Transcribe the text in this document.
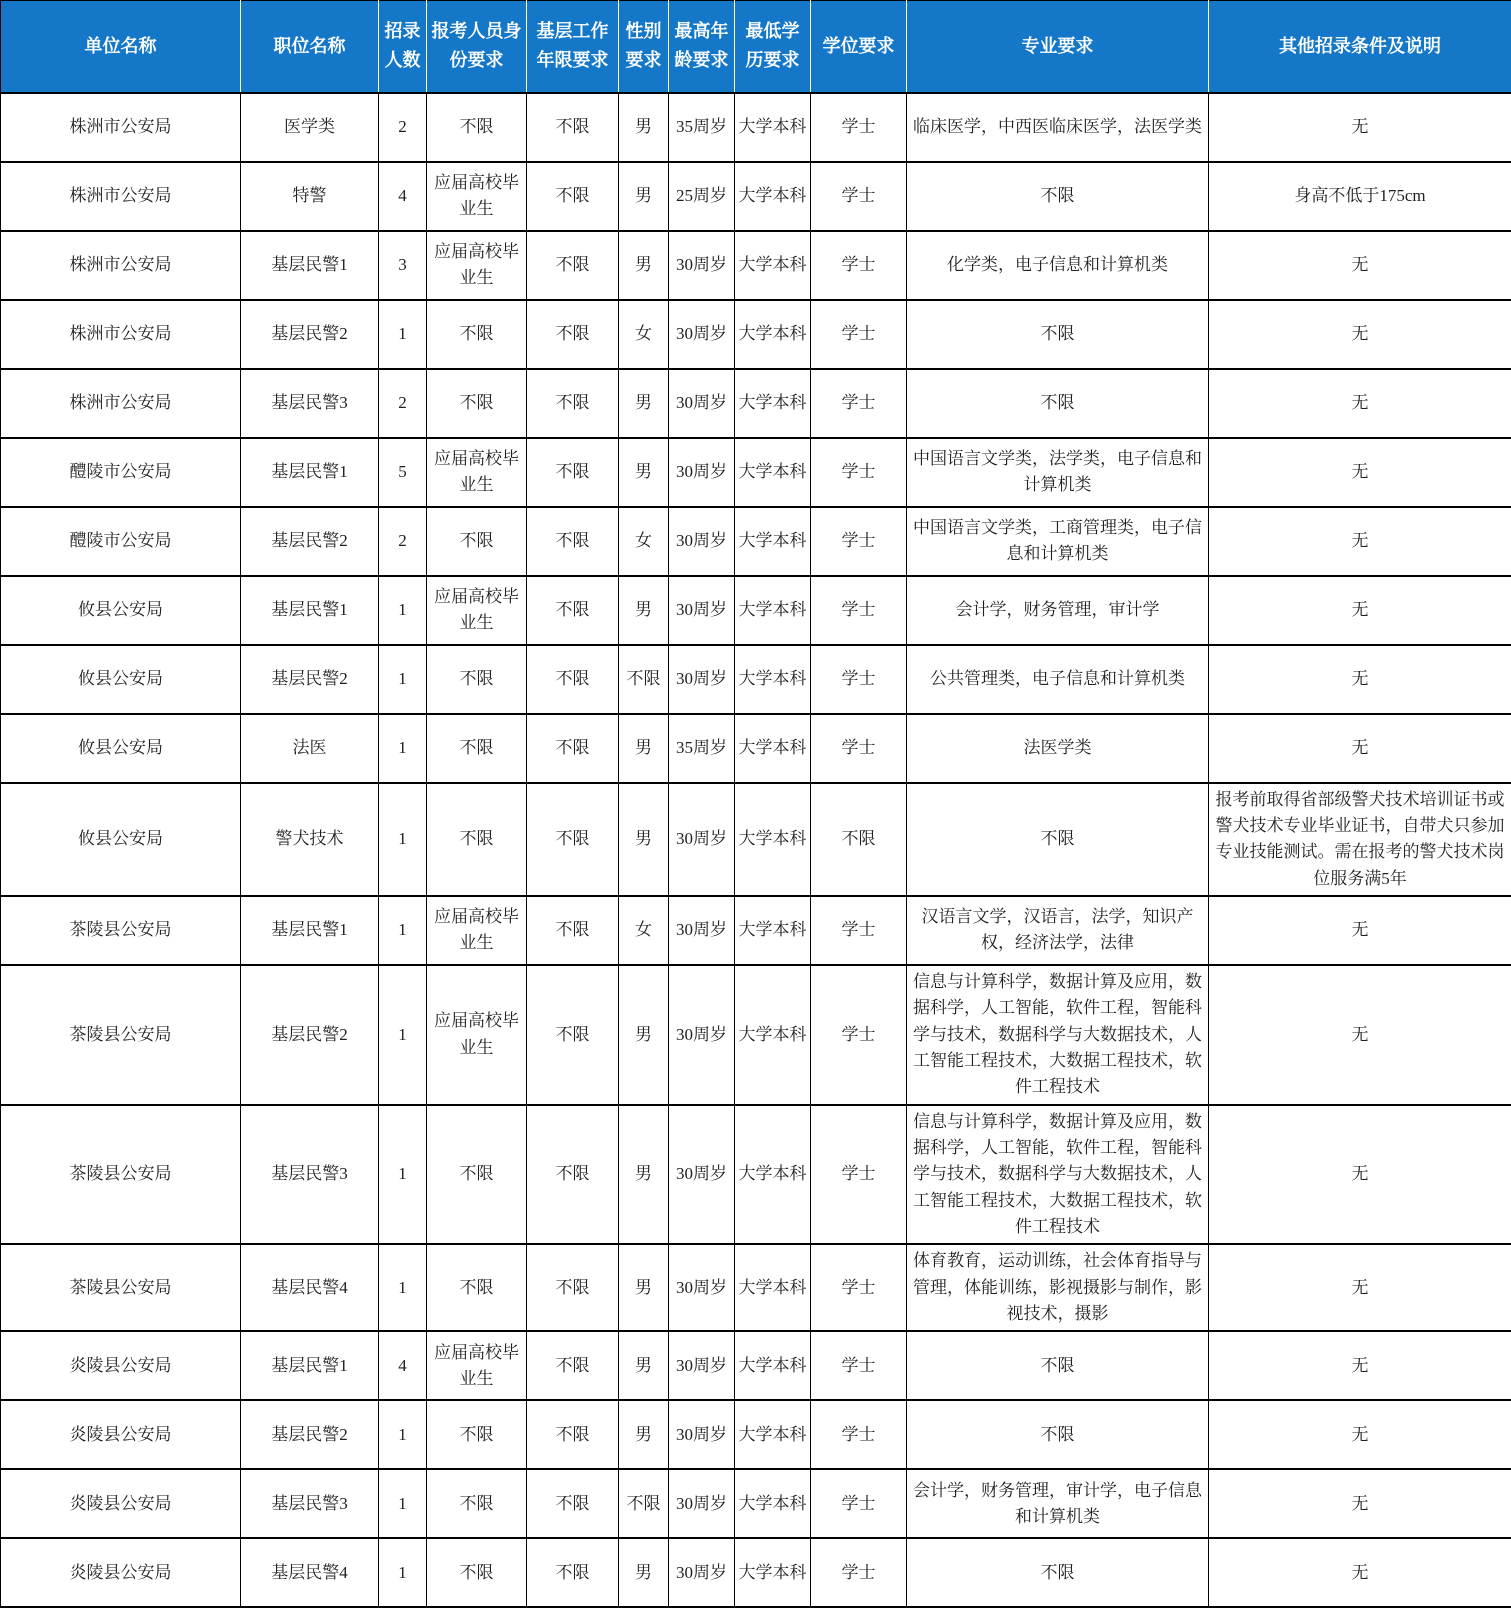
单位名称	职位名称	招录人数	报考人员身份要求	基层工作年限要求	性别要求	最高年龄要求	最低学历要求	学位要求	专业要求	其他招录条件及说明
株洲市公安局	医学类	2	不限	不限	男	35周岁	大学本科	学士	临床医学，中西医临床医学，法医学类	无
株洲市公安局	特警	4	应届高校毕业生	不限	男	25周岁	大学本科	学士	不限	身高不低于175cm
株洲市公安局	基层民警1	3	应届高校毕业生	不限	男	30周岁	大学本科	学士	化学类，电子信息和计算机类	无
株洲市公安局	基层民警2	1	不限	不限	女	30周岁	大学本科	学士	不限	无
株洲市公安局	基层民警3	2	不限	不限	男	30周岁	大学本科	学士	不限	无
醴陵市公安局	基层民警1	5	应届高校毕业生	不限	男	30周岁	大学本科	学士	中国语言文学类，法学类，电子信息和计算机类	无
醴陵市公安局	基层民警2	2	不限	不限	女	30周岁	大学本科	学士	中国语言文学类，工商管理类，电子信息和计算机类	无
攸县公安局	基层民警1	1	应届高校毕业生	不限	男	30周岁	大学本科	学士	会计学，财务管理，审计学	无
攸县公安局	基层民警2	1	不限	不限	不限	30周岁	大学本科	学士	公共管理类，电子信息和计算机类	无
攸县公安局	法医	1	不限	不限	男	35周岁	大学本科	学士	法医学类	无
攸县公安局	警犬技术	1	不限	不限	男	30周岁	大学本科	不限	不限	报考前取得省部级警犬技术培训证书或警犬技术专业毕业证书，自带犬只参加专业技能测试。需在报考的警犬技术岗位服务满5年
茶陵县公安局	基层民警1	1	应届高校毕业生	不限	女	30周岁	大学本科	学士	汉语言文学，汉语言，法学，知识产权，经济法学，法律	无
茶陵县公安局	基层民警2	1	应届高校毕业生	不限	男	30周岁	大学本科	学士	信息与计算科学，数据计算及应用，数据科学，人工智能，软件工程，智能科学与技术，数据科学与大数据技术，人工智能工程技术，大数据工程技术，软件工程技术	无
茶陵县公安局	基层民警3	1	不限	不限	男	30周岁	大学本科	学士	信息与计算科学，数据计算及应用，数据科学，人工智能，软件工程，智能科学与技术，数据科学与大数据技术，人工智能工程技术，大数据工程技术，软件工程技术	无
茶陵县公安局	基层民警4	1	不限	不限	男	30周岁	大学本科	学士	体育教育，运动训练，社会体育指导与管理，体能训练，影视摄影与制作，影视技术，摄影	无
炎陵县公安局	基层民警1	4	应届高校毕业生	不限	男	30周岁	大学本科	学士	不限	无
炎陵县公安局	基层民警2	1	不限	不限	男	30周岁	大学本科	学士	不限	无
炎陵县公安局	基层民警3	1	不限	不限	不限	30周岁	大学本科	学士	会计学，财务管理，审计学，电子信息和计算机类	无
炎陵县公安局	基层民警4	1	不限	不限	男	30周岁	大学本科	学士	不限	无
